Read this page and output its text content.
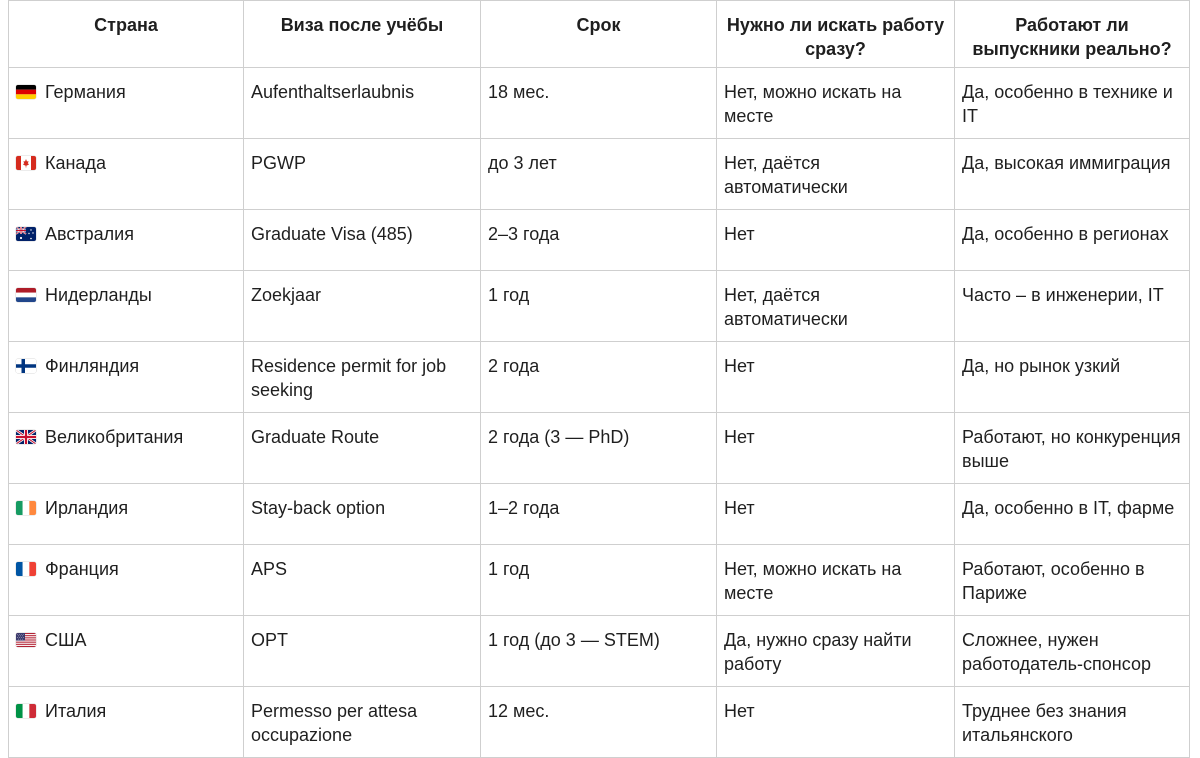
Страна	Виза после учёбы	Срок	Нужно ли искать работу сразу?	Работают ли выпускники реально?

Германия	Aufenthaltserlaubnis	18 мес.	Нет, можно искать на месте	Да, особенно в технике и IT

Канада	PGWP	до 3 лет	Нет, даётся автоматически	Да, высокая иммиграция

Австралия	Graduate Visa (485)	2–3 года	Нет	Да, особенно в регионах

Нидерланды	Zoekjaar	1 год	Нет, даётся автоматически	Часто – в инженерии, IT

Финляндия	Residence permit for job seeking	2 года	Нет	Да, но рынок узкий

Великобритания	Graduate Route	2 года (3 — PhD)	Нет	Работают, но конкуренция выше

Ирландия	Stay-back option	1–2 года	Нет	Да, особенно в IT, фарме

Франция	APS	1 год	Нет, можно искать на месте	Работают, особенно в Париже

США	OPT	1 год (до 3 — STEM)	Да, нужно сразу найти работу	Сложнее, нужен работодатель-спонсор

Италия	Permesso per attesa occupazione	12 мес.	Нет	Труднее без знания итальянского
